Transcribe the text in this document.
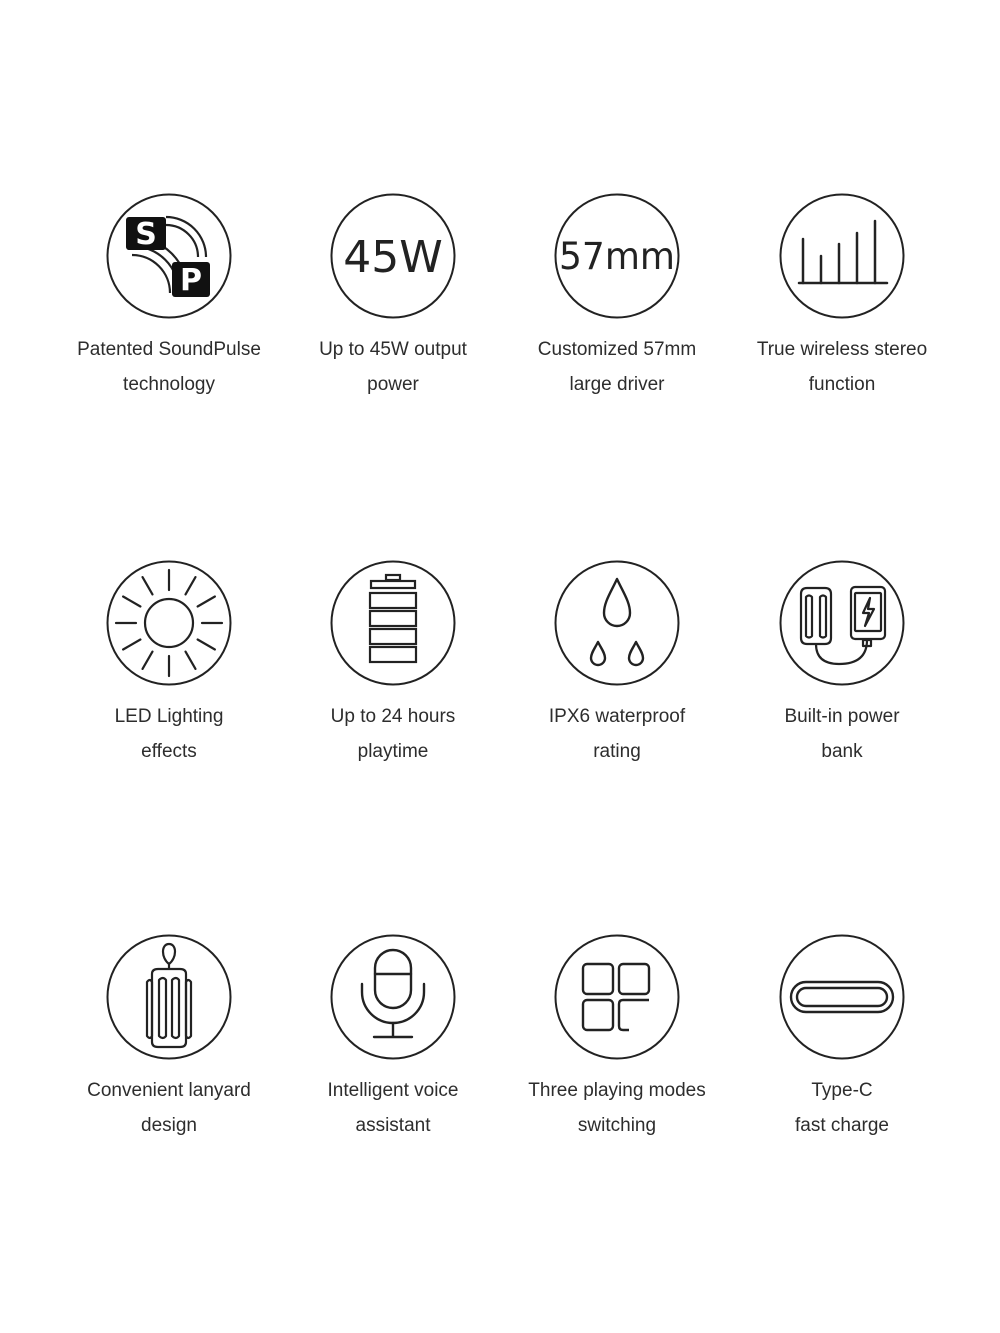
S
P
Patented SoundPulse
technology
45W
Up to 45W output
power
57mm
Customized 57mm
large driver
True wireless stereo
function
LED Lighting
effects
Up to 24 hours
playtime
IPX6 waterproof
rating
Built-in power
bank
Convenient lanyard
design
Intelligent voice
assistant
Three playing modes
switching
Type-C
fast charge
